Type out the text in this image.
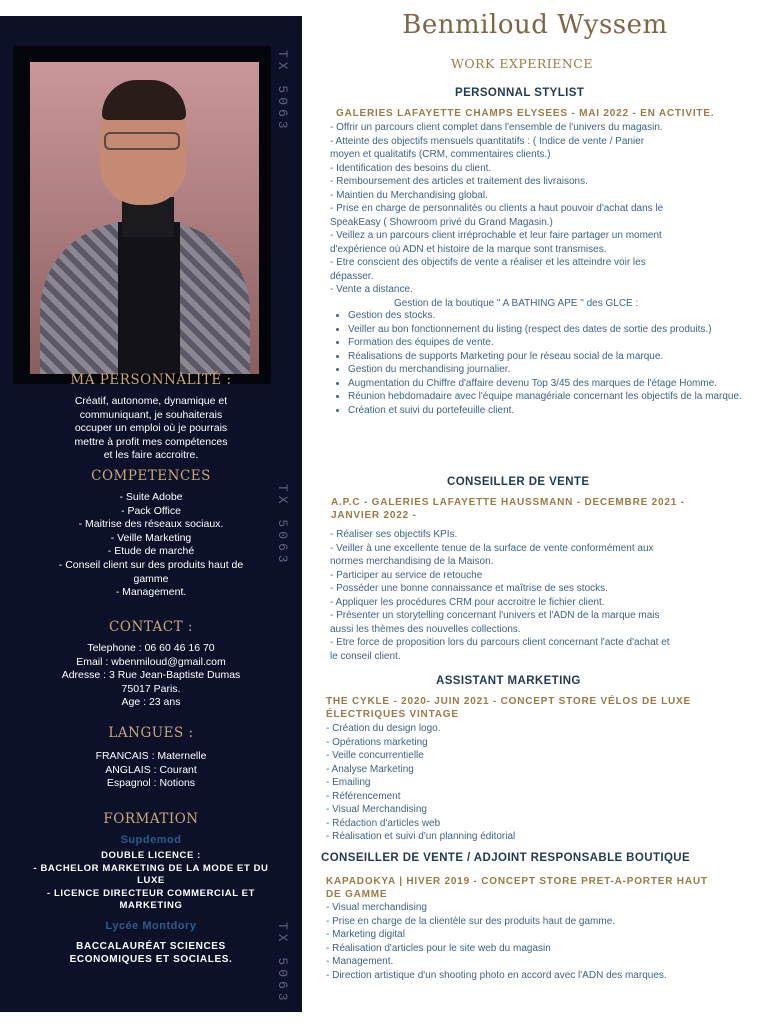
TX 5063
TX 5063
TX 5063
MA PERSONNALITÉ :
Créatif, autonome, dynamique et
communiquant, je souhaiterais
occuper un emploi où je pourrais
mettre à profit mes compétences
et les faire accroitre.
COMPETENCES
- Suite Adobe
- Pack Office
- Maitrise des réseaux sociaux.
- Veille Marketing
- Etude de marché
- Conseil client sur des produits haut de
gamme
- Management.
CONTACT :
Telephone : 06 60 46 16 70
Email : wbenmiloud@gmail.com
Adresse : 3 Rue Jean-Baptiste Dumas
75017 Paris.
Age : 23 ans
LANGUES :
FRANCAIS : Maternelle
ANGLAIS : Courant
Espagnol : Notions
FORMATION
Supdemod
DOUBLE LICENCE :
- BACHELOR MARKETING DE LA MODE ET DU
LUXE
- LICENCE DIRECTEUR COMMERCIAL ET
MARKETING
Lycée Montdory
BACCALAURÉAT SCIENCES
ECONOMIQUES ET SOCIALES.
Benmiloud Wyssem
WORK EXPERIENCE
PERSONNAL STYLIST
GALERIES LAFAYETTE CHAMPS ELYSEES - MAI 2022 - EN ACTIVITE.
- Offrir un parcours client complet dans l'ensemble de l'univers du magasin.
- Atteinte des objectifs mensuels quantitatifs : ( Indice de vente / Panier
moyen et qualitatifs (CRM, commentaires clients.)
- Identification des besoins du client.
- Remboursement des articles et traitement des livraisons.
- Maintien du Merchandising global.
- Prise en charge de personnalités ou clients a haut pouvoir d'achat dans le
SpeakEasy ( Showroom privé du Grand Magasin.)
- Veillez a un parcours client irréprochable et leur faire partager un moment
d'expérience où ADN et histoire de la marque sont transmises.
- Etre conscient des objectifs de vente a réaliser et les atteindre voir les
dépasser.
- Vente a distance.
Gestion de la boutique " A BATHING APE " des GLCE :
• Gestion des stocks.
• Veiller au bon fonctionnement du listing (respect des dates de sortie des produits.)
• Formation des équipes de vente.
• Réalisations de supports Marketing pour le réseau social de la marque.
• Gestion du merchandising journalier.
• Augmentation du Chiffre d'affaire devenu Top 3/45 des marques de l'étage Homme.
• Réunion hebdomadaire avec l'équipe managériale concernant les objectifs de la marque.
• Création et suivi du portefeuille client.
CONSEILLER DE VENTE
A.P.C - GALERIES LAFAYETTE HAUSSMANN - DECEMBRE 2021 -
JANVIER 2022 -
- Réaliser ses objectifs KPIs.
- Veiller à une excellente tenue de la surface de vente conformément aux
normes merchandising de la Maison.
- Participer au service de retouche
- Posséder une bonne connaissance et maîtrise de ses stocks.
- Appliquer les procédures CRM pour accroitre le fichier client.
- Présenter un storytelling concernant l'univers et l'ADN de la marque mais
aussi les thèmes des nouvelles collections.
- Etre force de proposition lors du parcours client concernant l'acte d'achat et
le conseil client.
ASSISTANT MARKETING
THE CYKLE - 2020- JUIN 2021 - CONCEPT STORE VÉLOS DE LUXE
ÉLECTRIQUES VINTAGE
- Création du design logo.
- Opérations marketing
- Veille concurrentielle
- Analyse Marketing
- Emailing
- Référencement
- Visual Merchandising
- Rédaction d'articles web
- Réalisation et suivi d'un planning éditorial
CONSEILLER DE VENTE / ADJOINT RESPONSABLE BOUTIQUE
KAPADOKYA | HIVER 2019 - CONCEPT STORE PRET-A-PORTER HAUT
DE GAMME
- Visual merchandising
- Prise en charge de la clientèle sur des produits haut de gamme.
- Marketing digital
- Réalisation d'articles pour le site web du magasin
- Management.
- Direction artistique d'un shooting photo en accord avec l'ADN des marques.
